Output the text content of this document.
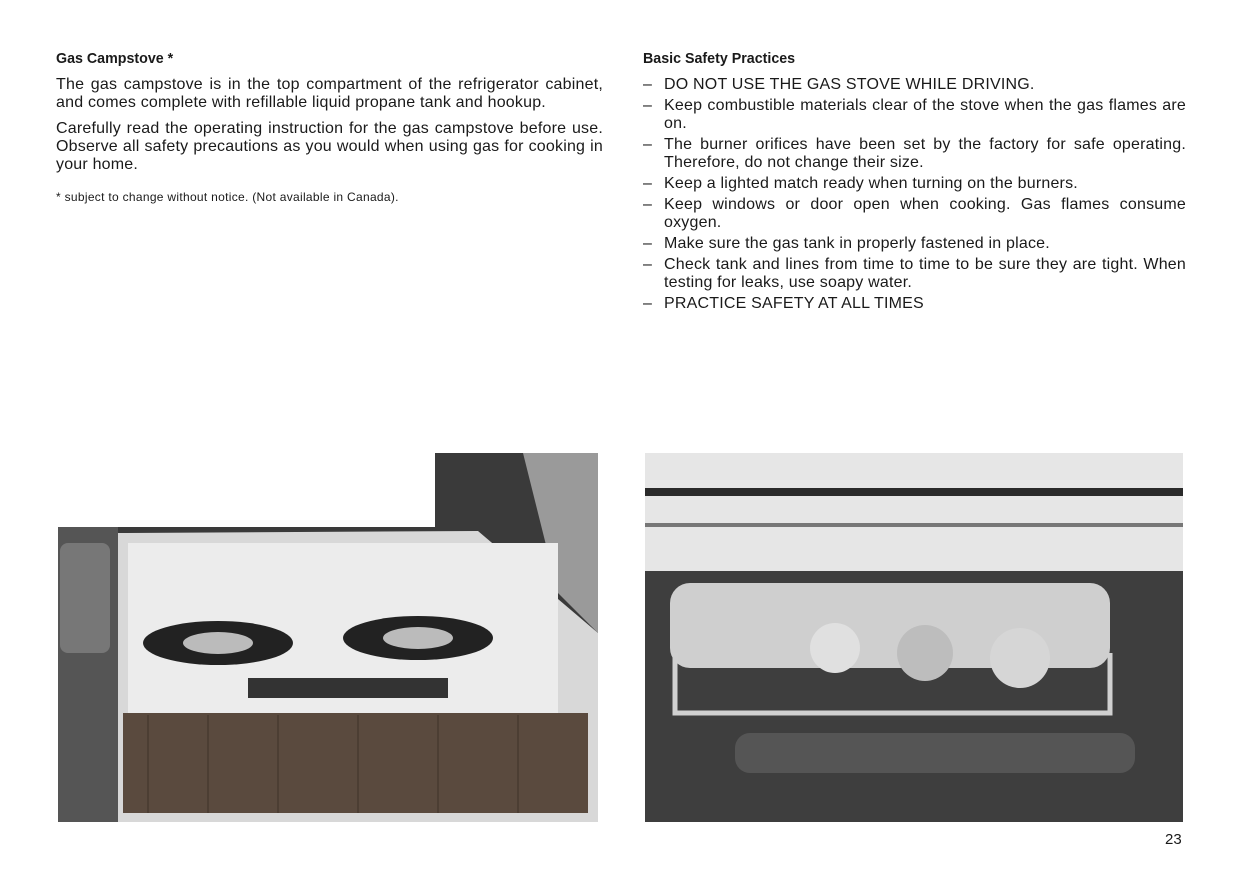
Gas Campstove *

The gas campstove is in the top compartment of the refrigerator cabinet, and comes complete with refillable liquid propane tank and hookup.

Carefully read the operating instruction for the gas campstove before use. Observe all safety precautions as you would when using gas for cooking in your home.

* subject to change without notice. (Not available in Canada).
Basic Safety Practices
– DO NOT USE THE GAS STOVE WHILE DRIVING.
– Keep combustible materials clear of the stove when the gas flames are on.
– The burner orifices have been set by the factory for safe operating. Therefore, do not change their size.
– Keep a lighted match ready when turning on the burners.
– Keep windows or door open when cooking. Gas flames consume oxygen.
– Make sure the gas tank in properly fastened in place.
– Check tank and lines from time to time to be sure they are tight. When testing for leaks, use soapy water.
– PRACTICE SAFETY AT ALL TIMES
23
